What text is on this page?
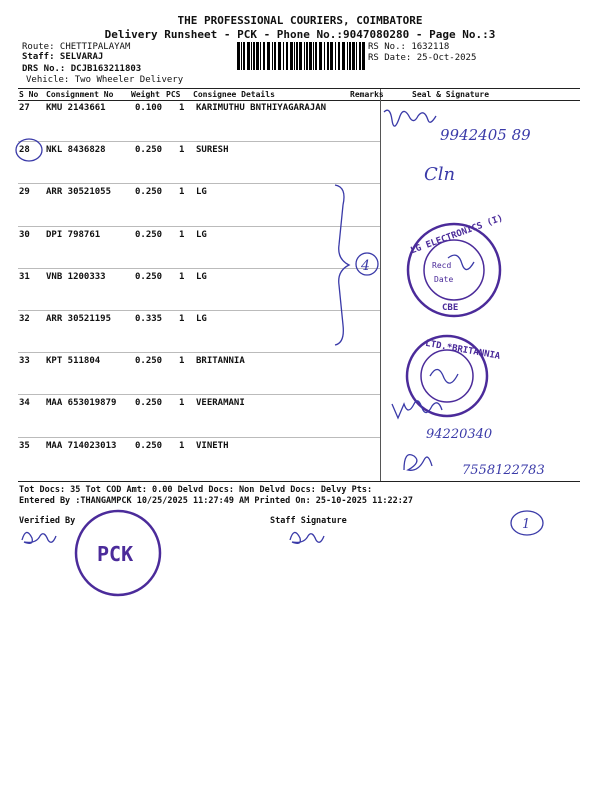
THE PROFESSIONAL COURIERS, COIMBATORE
Delivery Runsheet - PCK - Phone No.:9047080280 - Page No.:3
Route: CHETTIPALAYAM
Staff: SELVARAJ
DRS No.: DCJB163211803
Vehicle: Two Wheeler Delivery
RS No.: 1632118
RS Date: 25-Oct-2025
S No Consignment No Weight PCS Consignee Details	Remarks	Seal & Signature
27 KMU 2143661	0.100 1 KARIMUTHU BNTHIYAGARAJAN
28 NKL 8436828	0.250 1 SURESH
29 ARR 30521055	0.250 1 LG
30 DPI 798761	0.250 1 LG
31 VNB 1200333	0.250 1 LG
32 ARR 30521195	0.335 1 LG
33 KPT 511804	0.250 1 BRITANNIA
34 MAA 653019879 0.250 1 VEERAMANI
35 MAA 714023013 0.250 1 VINETH
Tot Docs: 35 Tot COD Amt: 0.00 Delvd Docs: Non Delvd Docs: Delvy Pts:
Entered By :THANGAMPCK 10/25/2025 11:27:49 AM Printed On: 25-10-2025 11:22:27
Verified By	Staff Signature
9942405 89
Cln
4
LG ELECTRONICS (I)
CBE
Recd
Date
LTD.*BRITANNIA
94220340
7558122783
1
PCK
